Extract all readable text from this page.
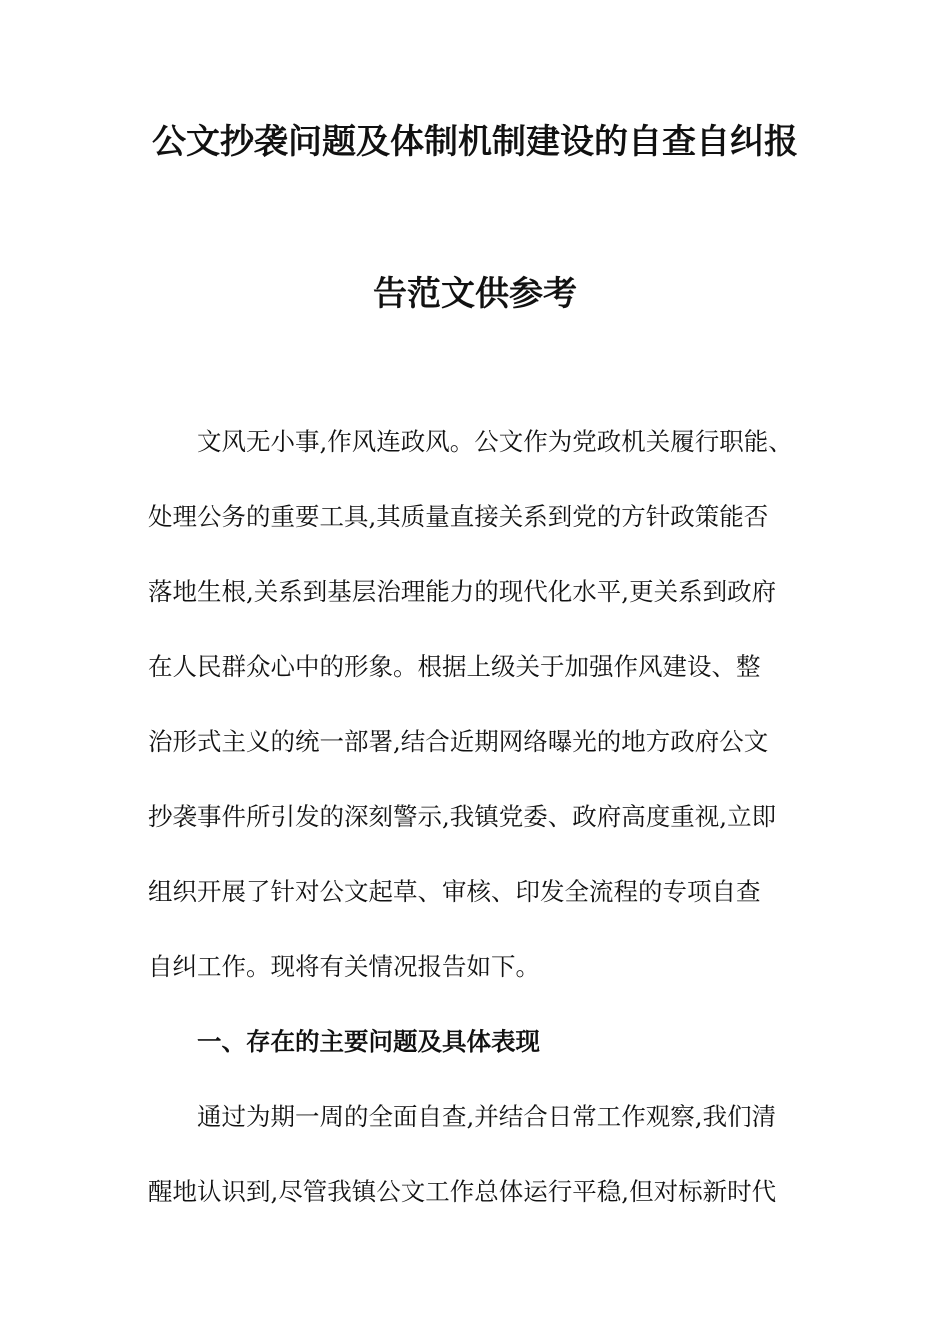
公文抄袭问题及体制机制建设的自查自纠报
告范文供参考
文风无小事,作风连政风。公文作为党政机关履行职能、
处理公务的重要工具,其质量直接关系到党的方针政策能否
落地生根,关系到基层治理能力的现代化水平,更关系到政府
在人民群众心中的形象。根据上级关于加强作风建设、整
治形式主义的统一部署,结合近期网络曝光的地方政府公文
抄袭事件所引发的深刻警示,我镇党委、政府高度重视,立即
组织开展了针对公文起草、审核、印发全流程的专项自查
自纠工作。现将有关情况报告如下。
一、存在的主要问题及具体表现
通过为期一周的全面自查,并结合日常工作观察,我们清
醒地认识到,尽管我镇公文工作总体运行平稳,但对标新时代
